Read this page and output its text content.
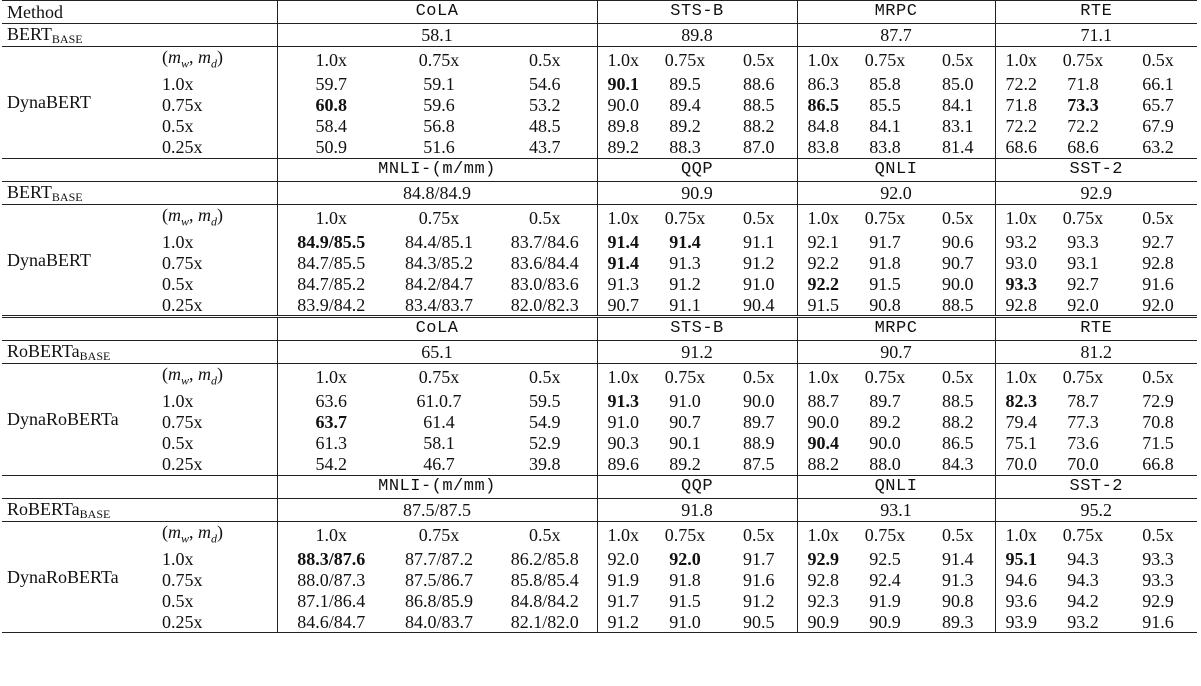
Method		CoLA			STS-B			MRPC			RTE		
BERTBASE		58.1			89.8			87.7			71.1		
DynaBERT	($m_w$, $m_d$)	1.0x	0.75x	0.5x	1.0x	0.75x	0.5x	1.0x	0.75x	0.5x	1.0x	0.75x	0.5x
	1.0x	59.7	59.1	54.6	90.1	89.5	88.6	86.3	85.8	85.0	72.2	71.8	66.1
	0.75x	60.8	59.6	53.2	90.0	89.4	88.5	86.5	85.5	84.1	71.8	73.3	65.7
	0.5x	58.4	56.8	48.5	89.8	89.2	88.2	84.8	84.1	83.1	72.2	72.2	67.9
	0.25x	50.9	51.6	43.7	89.2	88.3	87.0	83.8	83.8	81.4	68.6	68.6	63.2
		MNLI-(m/mm)			QQP			QNLI			SST-2		
BERTBASE		84.8/84.9			90.9			92.0			92.9		
DynaBERT	($m_w$, $m_d$)	1.0x	0.75x	0.5x	1.0x	0.75x	0.5x	1.0x	0.75x	0.5x	1.0x	0.75x	0.5x
	1.0x	84.9/85.5	84.4/85.1	83.7/84.6	91.4	91.4	91.1	92.1	91.7	90.6	93.2	93.3	92.7
	0.75x	84.7/85.5	84.3/85.2	83.6/84.4	91.4	91.3	91.2	92.2	91.8	90.7	93.0	93.1	92.8
	0.5x	84.7/85.2	84.2/84.7	83.0/83.6	91.3	91.2	91.0	92.2	91.5	90.0	93.3	92.7	91.6
	0.25x	83.9/84.2	83.4/83.7	82.0/82.3	90.7	91.1	90.4	91.5	90.8	88.5	92.8	92.0	92.0
		CoLA			STS-B			MRPC			RTE		
RoBERTaBASE		65.1			91.2			90.7			81.2		
DynaRoBERTa	($m_w$, $m_d$)	1.0x	0.75x	0.5x	1.0x	0.75x	0.5x	1.0x	0.75x	0.5x	1.0x	0.75x	0.5x
	1.0x	63.6	61.0.7	59.5	91.3	91.0	90.0	88.7	89.7	88.5	82.3	78.7	72.9
	0.75x	63.7	61.4	54.9	91.0	90.7	89.7	90.0	89.2	88.2	79.4	77.3	70.8
	0.5x	61.3	58.1	52.9	90.3	90.1	88.9	90.4	90.0	86.5	75.1	73.6	71.5
	0.25x	54.2	46.7	39.8	89.6	89.2	87.5	88.2	88.0	84.3	70.0	70.0	66.8
		MNLI-(m/mm)			QQP			QNLI			SST-2		
RoBERTaBASE		87.5/87.5			91.8			93.1			95.2		
DynaRoBERTa	($m_w$, $m_d$)	1.0x	0.75x	0.5x	1.0x	0.75x	0.5x	1.0x	0.75x	0.5x	1.0x	0.75x	0.5x
	1.0x	88.3/87.6	87.7/87.2	86.2/85.8	92.0	92.0	91.7	92.9	92.5	91.4	95.1	94.3	93.3
	0.75x	88.0/87.3	87.5/86.7	85.8/85.4	91.9	91.8	91.6	92.8	92.4	91.3	94.6	94.3	93.3
	0.5x	87.1/86.4	86.8/85.9	84.8/84.2	91.7	91.5	91.2	92.3	91.9	90.8	93.6	94.2	92.9
	0.25x	84.6/84.7	84.0/83.7	82.1/82.0	91.2	91.0	90.5	90.9	90.9	89.3	93.9	93.2	91.6
